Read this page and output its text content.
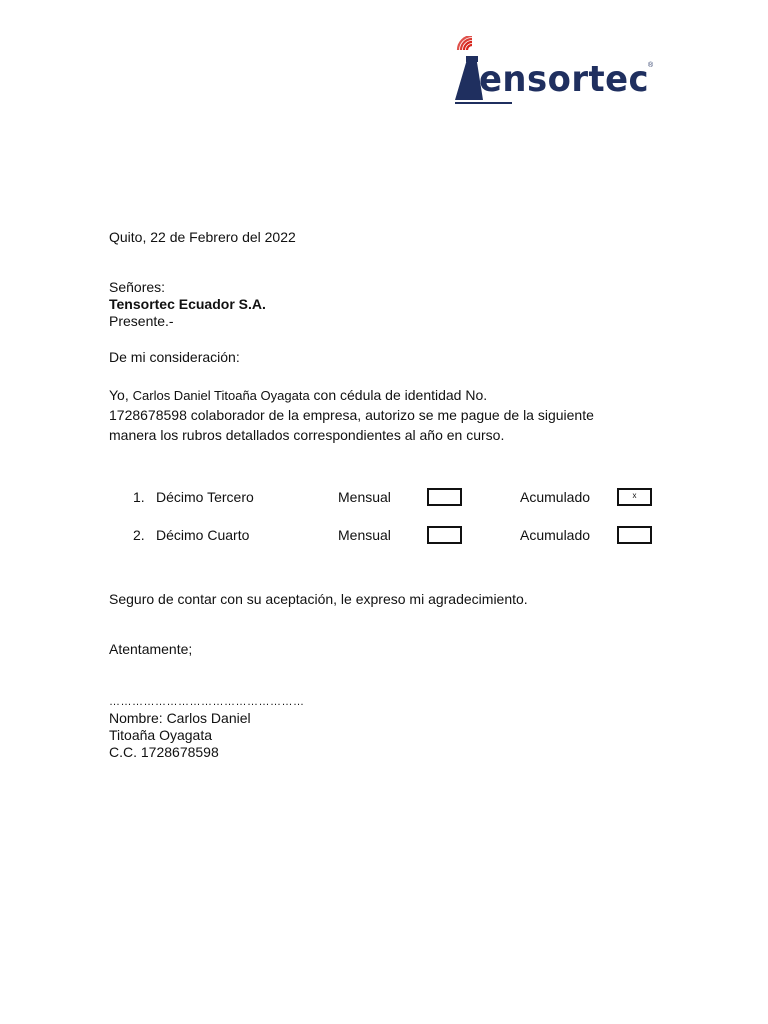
ensortec
®

Quito, 22 de Febrero del 2022

Señores:

Tensortec Ecuador S.A.

Presente.-

De mi consideración:

Yo, Carlos Daniel Titoaña Oyagata con cédula de identidad No.

1728678598 colaborador de la empresa, autorizo se me pague de la siguiente

manera los rubros detallados correspondientes al año en curso.

1. Décimo Tercero	Mensual	Acumulado	x
2. Décimo Cuarto	Mensual	Acumulado

Seguro de contar con su aceptación, le expreso mi agradecimiento.

Atentamente;

……………………………………………

Nombre: Carlos Daniel

Titoaña Oyagata

C.C. 1728678598
